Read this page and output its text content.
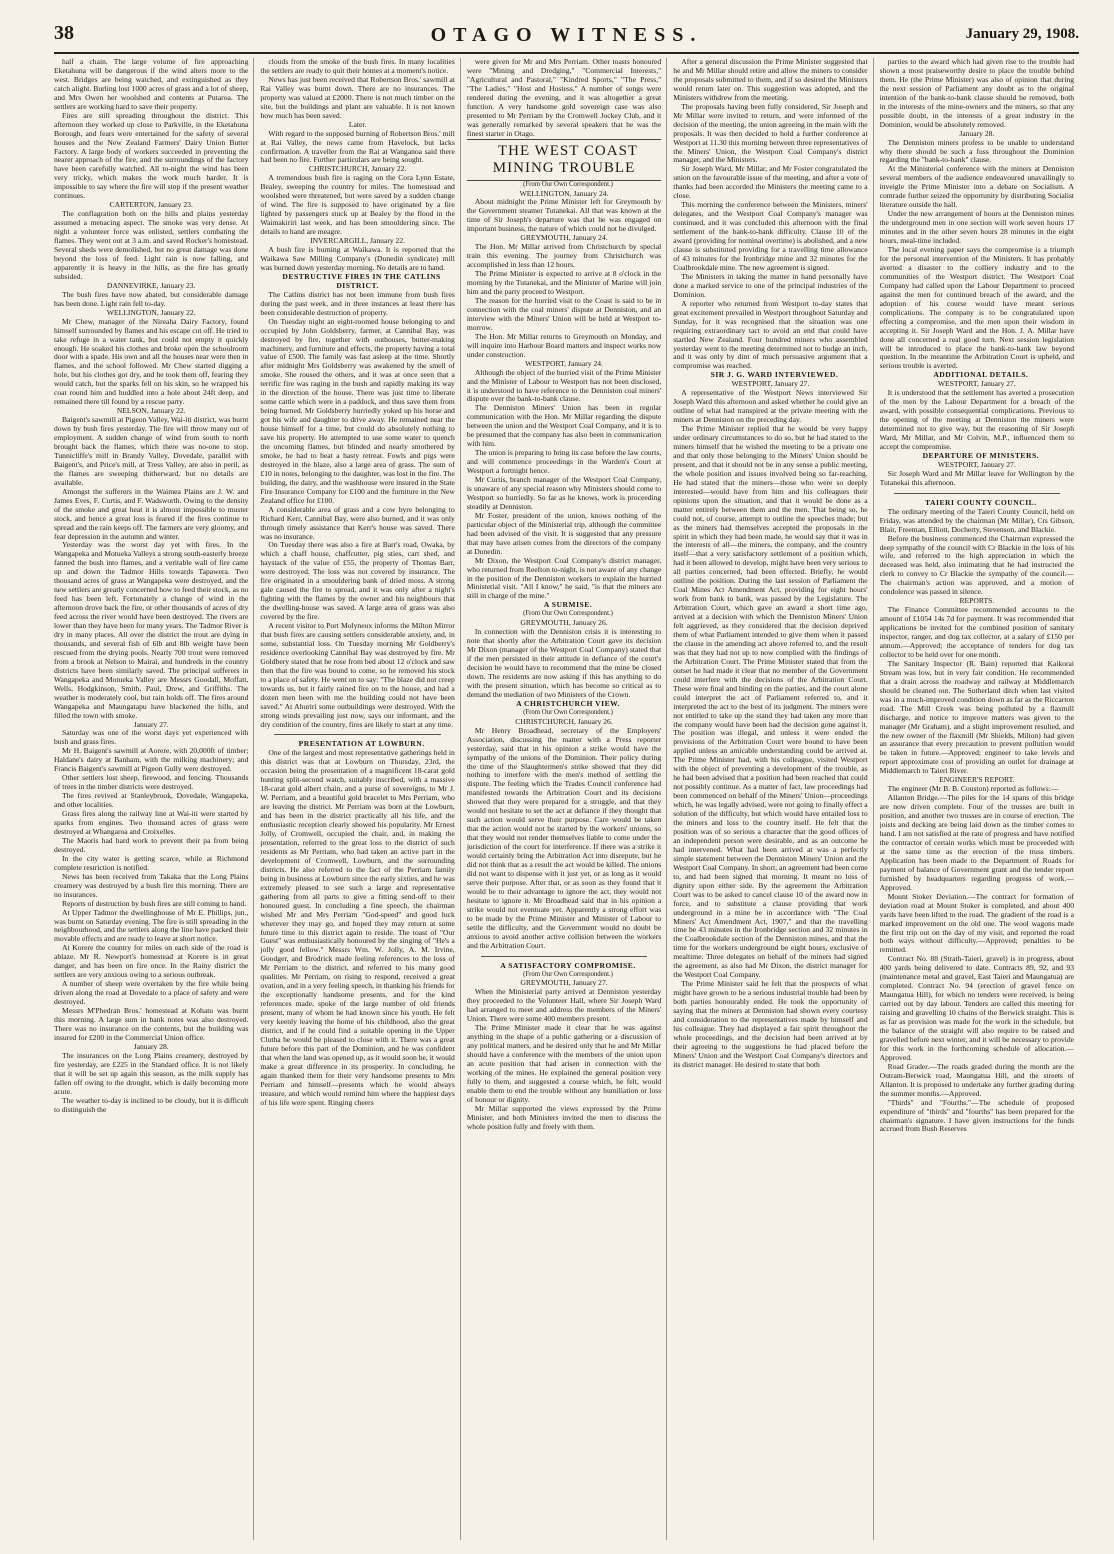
38	OTAGO WITNESS.	January 29, 1908.

half a chain. The large volume of fire approaching Eketahuna will be dangerous if the wind alters more to the west. Bridges are being watched, and extinguished as they catch alight. Burling lost 1000 acres of grass and a lot of sheep, and Mrs Owen her woolshed and contents at Putaroa. The settlers are working hard to save their property.

Fires are still spreading throughout the district. This afternoon they worked up close to Parkville, in the Eketahuna Borough, and fears were entertained for the safety of several houses and the New Zealand Farmers' Dairy Union Butter Factory. A large body of workers succeeded in preventing the nearer approach of the fire, and the surroundings of the factory have been carefully watched. All to-night the wind has been very tricky, which makes the work much harder. It is impossible to say where the fire will stop if the present weather continues.

CARTERTON, January 23.

The conflagration both on the hills and plains yesterday assumed a menacing aspect. The smoke was very dense. At night a volunteer force was enlisted, settlers combating the flames. They went out at 3 a.m. and saved Rocker's homestead. Several sheds were demolished, but no great damage was done beyond the loss of feed. Light rain is now falling, and apparently it is heavy in the hills, as the fire has greatly subsided.

DANNEVIRKE, January 23.

The bush fires have now abated, but considerable damage has been done. Light rain fell to-day.

WELLINGTON, January 22.

Mr Chew, manager of the Nireaha Dairy Factory, found himself surrounded by flames and his escape cut off. He tried to take refuge in a water tank, but could not empty it quickly enough. He soaked his clothes and broke open the schoolroom door with a spade. His own and all the houses near were then in flames, and the school followed. Mr Chew started digging a hole, but his clothes got dry, and he took them off, fearing they would catch, but the sparks fell on his skin, so he wrapped his coat round him and huddled into a hole about 24ft deep, and remained there till found by a rescue party.

NELSON, January 22.

Baigent's sawmill at Pigeon Valley, Wai-iti district, was burnt down by bush fires yesterday. The fire will throw many out of employment. A sudden change of wind from south to north brought back the flames, which there was no-one to stop. Tunnicliffe's mill in Brandy Valley, Dovedale, parallel with Baigent's, and Price's mill, at Tress Valley, are also in peril, as the flames are sweeping thitherward, but no details are available.

Amongst the sufferers in the Waimea Plains are J. W. and James Eves, F. Curtis, and F. Wadsworth. Owing to the density of the smoke and great heat it is almost impossible to muster stock, and hence a great loss is feared if the fires continue to spread and the rain keeps off. The farmers are very gloomy, and fear depression in the autumn and winter.

Yesterday was the worst day yet with fires. In the Wangapeka and Motueka Valleys a strong south-easterly breeze fanned the bush into flames, and a veritable wall of fire came up and down the Tadmor Hills towards Tapawera. Two thousand acres of grass at Wangapeka were destroyed, and the new settlers are greatly concerned how to feed their stock, as no feed has been left. Fortunately a change of wind in the afternoon drove back the fire, or other thousands of acres of dry feed across the river would have been destroyed. The rivers are lower than they have been for many years. The Tadmor River is dry in many places. All over the district the trout are dying in thousands, and several fish of 6lb and 8lb weight have been rescued from the drying pools. Nearly 700 trout were removed from a brook at Nelson to Mairai, and hundreds in the country districts have been similarly saved. The principal sufferers in Wangapeka and Motueka Valley are Messrs Goodall, Moffatt, Wells, Hodgkinson, Smith, Paul, Drew, and Griffiths. The weather is moderately cool, but rain holds off. The fires around Wangapeka and Maungatapu have blackened the hills, and filled the town with smoke.

January 27.

Saturday was one of the worst days yet experienced with bush and grass fires.

Mr H. Baigent's sawmill at Aorere, with 20,000ft of timber; Haldane's dairy at Banham, with the milking machinery; and Francis Baigent's sawmill at Pigeon Gully were destroyed.

Other settlers lost sheep, firewood, and fencing. Thousands of trees in the timber districts were destroyed.

The fires revived at Stanleybrook, Dovedale, Wangapeka, and other localities.

Grass fires along the railway line at Wai-iti were started by sparks from engines. Two thousand acres of grass were destroyed at Whangaroa and Croixelles.

The Maoris had hard work to prevent their pa from being destroyed.

In the city water is getting scarce, while at Richmond complete restriction is notified.

News has been received from Takaka that the Long Plains creamery was destroyed by a bush fire this morning. There are no insurances.

Reports of destruction by bush fires are still coming to hand.

At Upper Tadmor the dwellinghouse of Mr E. Phillips, jun., was burnt on Saturday evening. The fire is still spreading in the neighbourhood, and the settlers along the line have packed their movable effects and are ready to leave at short notice.

At Korere the country for miles on each side of the road is ablaze. Mr R. Newport's homestead at Korere is in great danger, and has been on fire once. In the Rainy district the settlers are very anxious owing to a serious outbreak.

A number of sheep were overtaken by the fire while being driven along the road at Dovedale to a place of safety and were destroyed.

Messrs M'Phedran Bros.' homestead at Kohatu was burnt this morning. A large sum in bank notes was also destroyed. There was no insurance on the contents, but the building was insured for £200 in the Commercial Union office.

January 28.

The insurances on the Long Plains creamery, destroyed by fire yesterday, are £225 in the Standard office. It is not likely that it will be set up again this season, as the milk supply has fallen off owing to the drought, which is daily becoming more acute.

The weather to-day is inclined to be cloudy, but it is difficult to distinguish the

clouds from the smoke of the bush fires. In many localities the settlers are ready to quit their homes at a moment's notice.

News has just been received that Robertson Bros.' sawmill at Rai Valley was burnt down. There are no insurances. The property was valued at £2000. There is not much timber on the site, but the buildings and plant are valuable. It is not known how much has been saved.

Later.

With regard to the supposed burning of Robertson Bros.' mill at Rai Valley, the news came from Havelock, but lacks confirmation. A traveller from the Rai at Wanganoa said there had been no fire. Further particulars are being sought.

CHRISTCHURCH, January 22.

A tremendous bush fire is raging on the Cora Lynn Estate, Bealey, sweeping the country for miles. The homestead and woolshed were threatened, but were saved by a sudden change of wind. The fire is supposed to have originated by a fire lighted by passengers stuck up at Bealey by the flood in the Waimakiriri last week, and has been smouldering since. The details to hand are meagre.

INVERCARGILL, January 22.

A bush fire is burning at Waikawa. It is reported that the Waikawa Saw Milling Company's (Dunedin syndicate) mill was burned down yesterday morning. No details are to hand.

DESTRUCTIVE FIRES IN THE CATLINS DISTRICT.

The Catlins district has not been immune from bush fires during the past week, and in three instances at least there has been considerable destruction of property.

On Tuesday night an eight-roomed house belonging to and occupied by John Goldsberry, farmer, at Cannibal Bay, was destroyed by fire, together with outhouses, butter-making machinery, and furniture and effects, the property having a total value of £500. The family was fast asleep at the time. Shortly after midnight Mrs Goldsberry was awakened by the smell of smoke. She roused the others, and it was at once seen that a terrific fire was raging in the bush and rapidly making its way in the direction of the house. There was just time to liberate some cattle which were in a paddock, and thus save them from being burned. Mr Goldsberry hurriedly yoked up his horse and got his wife and daughter to drive away. He remained near the house himself for a time, but could do absolutely nothing to save his property. He attempted to use some water to quench the oncoming flames, but blinded and nearly smothered by smoke, he had to beat a hasty retreat. Fowls and pigs were destroyed in the blaze, also a large area of grass. The sum of £10 in notes, belonging to the daughter, was lost in the fire. The building, the dairy, and the washhouse were insured in the State Fire Insurance Company for £100 and the furniture in the New Zealand office for £100.

A considerable area of grass and a cow byre belonging to Richard Kerr, Cannibal Bay, were also burned, and it was only through timely assistance that Kerr's house was saved. There was no insurance.

On Tuesday there was also a fire at Barr's road, Owaka, by which a chaff house, chaffcutter, pig sties, cart shed, and haystack of the value of £55, the property of Thomas Barr, were destroyed. The loss was not covered by insurance. The fire originated in a smouldering bank of dried moss. A strong gale caused the fire to spread, and it was only after a night's fighting with the flames by the owner and his neighbours that the dwelling-house was saved. A large area of grass was also covered by the fire.

A recent visitor to Port Molyneux informs the Milton Mirror that bush fires are causing settlers considerable anxiety, and, in some, substantial loss. On Tuesday morning Mr Goldberry's residence overlooking Cannibal Bay was destroyed by fire. Mr Goldbery stated that he rose from bed about 12 o'clock and saw then that the fire was bound to come, so he removed his stock to a place of safety. He went on to say: "The blaze did not creep towards us, but it fairly rained fire on to the house, and had a dozen men been with me the building could not have been saved." At Ahuriri some outbuildings were destroyed. With the strong winds prevailing just now, says our informant, and the dry condition of the country, fires are likely to start at any time.

PRESENTATION AT LOWBURN.

One of the largest and most representative gatherings held in this district was that at Lowburn on Thursday, 23rd, the occasion being the presentation of a magnificent 18-carat gold hunting split-second watch, suitably inscribed, with a massive 18-carat gold albert chain, and a purse of sovereigns, to Mr J. W. Perriam, and a beautiful gold bracelet to Mrs Perriam, who are leaving the district. Mr Perriam was born at the Lowburn, and has been in the district practically all his life, and the enthusiastic reception clearly showed his popularity. Mr Ernest Jolly, of Cromwell, occupied the chair, and, in making the presentation, referred to the great loss to the district of such residents as Mr Perriam, who had taken an active part in the development of Cromwell, Lowburn, and the surrounding districts. He also referred to the fact of the Perriam family being in business at Lowburn since the early sixties, and he was extremely pleased to see such a large and representative gathering from all parts to give a fitting send-off to their honoured guest. In concluding a fine speech, the chairman wished Mr and Mrs Perriam "God-speed" and good luck wherever they may go, and hoped they may return at some future time to this district again to reside. The toast of "Our Guest" was enthusiastically honoured by the singing of "He's a jolly good fellow." Messrs Wm. W. Jolly, A. M. Irvine, Goodger, and Brodrick made feeling references to the loss of Mr Perriam to the district, and referred to his many good qualities. Mr Perriam, on rising to respond, received a great ovation, and in a very feeling speech, in thanking his friends for the exceptionally handsome presents, and for the kind references made, spoke of the large number of old friends present, many of whom he had known since his youth. He felt very keenly leaving the home of his childhood, also the great district, and if he could find a suitable opening in the Upper Clutha he would be pleased to close with it. There was a great future before this part of the Dominion, and he was confident that when the land was opened up, as it would soon be, it would make a great difference in its prosperity. In concluding, he again thanked them for their very handsome presents to Mrs Perriam and himself—presents which he would always treasure, and which would remind him where the happiest days of his life were spent. Ringing cheers

were given for Mr and Mrs Perriam. Other toasts honoured were "Mining and Dredging," "Commercial Interests," "Agricultural and Pastoral," "Kindred Sports," "The Press," "The Ladies," "Host and Hostess." A number of songs were rendered during the evening, and it was altogether a great function. A very handsome gold sovereign case was also presented to Mr Perriam by the Cromwell Jockey Club, and it was generally remarked by several speakers that he was the finest starter in Otago.

THE WEST COAST MINING TROUBLE

(From Our Own Correspondent.)

WELLINGTON, January 24.

About midnight the Prime Minister left for Greymouth by the Government steamer Tutanekai. All that was known at the time of Sir Joseph's departure was that he was engaged on important business, the nature of which could not be divulged.

GREYMOUTH, January 24.

The Hon. Mr Millar arrived from Christchurch by special train this evening. The journey from Christchurch was accomplished in less than 12 hours.

The Prime Minister is expected to arrive at 8 o'clock in the morning by the Tutanekai, and the Minister of Marine will join him and the party proceed to Westport.

The reason for the hurried visit to the Coast is said to be in connection with the coal miners' dispute at Denniston, and an interview with the Miners' Union will be held at Westport to-morrow.

The Hon. Mr Millar returns to Greymouth on Monday, and will inquire into Harbour Board matters and inspect works now under construction.

WESTPORT, January 24.

Although the object of the hurried visit of the Prime Minister and the Minister of Labour to Westport has not been disclosed, it is understood to have reference to the Denniston coal miners' dispute over the bank-to-bank clause.

The Denniston Miners' Union has been in regular communication with the Hon. Mr Millar regarding the dispute between the union and the Westport Coal Company, and it is to be presumed that the company has also been in communication with him.

The union is preparing to bring its case before the law courts, and will commence proceedings in the Warden's Court at Westport a fortnight hence.

Mr Curtis, branch manager of the Westport Coal Company, is unaware of any special reason why Ministers should come to Westport so hurriedly. So far as he knows, work is proceeding steadily at Denniston.

Mr Foster, president of the union, knows nothing of the particular object of the Ministerial trip, although the committee had been advised of the visit. It is suggested that any pressure that may have arisen comes from the directors of the company at Dunedin.

Mr Dixon, the Westport Coal Company's district manager, who returned from Reefton to-night, is not aware of any change in the position of the Denniston workers to explain the hurried Ministerial visit. "All I know," he said, "is that the miners are still in charge of the mine."

A SURMISE.

(From Our Own Correspondent.)

GREYMOUTH, January 26.

In connection with the Denniston crisis it is interesting to note that shortly after the Arbitration Court gave its decision Mr Dixon (manager of the Westport Coal Company) stated that if the men persisted in their attitude in defiance of the court's decision he would have to recommend that the mine be closed down. The residents are now asking if this has anything to do with the present situation, which has become so critical as to demand the mediation of two Ministers of the Crown.

A CHRISTCHURCH VIEW.

(From Our Own Correspondent.)

CHRISTCHURCH, January 26.

Mr Henry Broadhead, secretary of the Employers' Association, discussing the matter with a Press reporter yesterday, said that in his opinion a strike would have the sympathy of the unions of the Dominion. Their policy during the time of the Slaughtermen's strike showed that they did nothing to interfere with the men's method of settling the dispute. The feeling which the Trades Council conference had manifested towards the Arbitration Court and its decisions showed that they were prepared for a struggle, and that they would not hesitate to set the act at defiance if they thought that such action would serve their purpose. Care would be taken that the action would not be started by the workers' unions, so that they would not render themselves liable to come under the jurisdiction of the court for interference. If there was a strike it would certainly bring the Arbitration Act into disrepute, but he did not think that as a result the act would be killed. The unions did not want to dispense with it just yet, or as long as it would serve their purpose. After that, or as soon as they found that it would be to their advantage to ignore the act, they would not hesitate to ignore it. Mr Broadhead said that in his opinion a strike would not eventuate yet. Apparently a strong effort was to be made by the Prime Minister and Minister of Labour to settle the difficulty, and the Government would no doubt be anxious to avoid another active collision between the workers and the Arbitration Court.

A SATISFACTORY COMPROMISE.

(From Our Own Correspondent.)

GREYMOUTH, January 27.

When the Ministerial party arrived at Denniston yesterday they proceeded to the Volunteer Hall, where Sir Joseph Ward had arranged to meet and address the members of the Miners' Union. There were some 400 members present.

The Prime Minister made it clear that he was against anything in the shape of a public gathering or a discussion of any political matters, and he desired only that he and Mr Millar should have a conference with the members of the union upon an acute position that had arisen in connection with the working of the mines. He explained the general position very fully to them, and suggested a course which, he felt, would enable them to end the trouble without any humiliation or loss of honour or dignity.

Mr Millar supported the views expressed by the Prime Minister, and both Ministers invited the men to discuss the whole position fully and freely with them.

After a general discussion the Prime Minister suggested that he and Mr Millar should retire and allow the miners to consider the proposals submitted to them, and if so desired the Ministers would return later on. This suggestion was adopted, and the Ministers withdrew from the meeting.

The proposals having been fully considered, Sir Joseph and Mr Millar were invited to return, and were informed of the decision of the meeting, the union agreeing in the main with the proposals. It was then decided to hold a further conference at Westport at 11.30 this morning between three representatives of the Miners' Union, the Westport Coal Company's district manager, and the Ministers.

Sir Joseph Ward, Mr Millar, and Mr Foster congratulated the union on the favourable issue of the meeting, and after a vote of thanks had been accorded the Ministers the meeting came to a close.

This morning the conference between the Ministers, miners' delegates, and the Westport Coal Company's manager was continued, and it was concluded this afternoon with the final settlement of the bank-to-bank difficulty. Clause 10 of the award (providing for nominal overtime) is abolished, and a new clause is substituted providing for a travelling time allowance of 43 minutes for the Ironbridge mine and 32 minutes for the Coalbrookdale mine. The new agreement is signed.

The Ministers in taking the matter in hand personally have done a marked service to one of the principal industries of the Dominion.

A reporter who returned from Westport to-day states that great excitement prevailed in Westport throughout Saturday and Sunday, for it was recognised that the situation was one requiring extraordinary tact to avoid an end that could have startled New Zealand. Four hundred miners who assembled yesterday went to the meeting determined not to budge an inch, and it was only by dint of much persuasive argument that a compromise was reached.

SIR J. G. WARD INTERVIEWED.

WESTPORT, January 27.

A representative of the Westport News interviewed Sir Joseph Ward this afternoon and asked whether he could give an outline of what had transpired at the private meeting with the miners at Denniston on the preceding day.

The Prime Minister replied that he would be very happy under ordinary circumstances to do so, but he had stated to the miners himself that he wished the meeting to be a private one and that only those belonging to the Miners' Union should be present, and that it should not be in any sense a public meeting, the whole position and issues involved being so far-reaching. He had stated that the miners—those who were so deeply interested—would have from him and his colleagues their opinions upon the situation, and that it would be done as a matter entirely between them and the men. That being so, he could not, of course, attempt to outline the speeches made; but as the miners had themselves accepted the proposals in the spirit in which they had been made, he would say that it was in the interests of all—the miners, the company, and the country itself—that a very satisfactory settlement of a position which, had it been allowed to develop, might have been very serious to all parties concerned, had been effected. Briefly, he would outline the position. During the last session of Parliament the Coal Mines Act Amendment Act, providing for eight hours' work from bank to bank, was passed by the Legislature. The Arbitration Court, which gave an award a short time ago, arrived at a decision with which the Denniston Miners' Union felt aggrieved, as they considered that the decision deprived them of what Parliament intended to give them when it passed the clause in the amending act above referred to, and the result was that they had not up to now complied with the findings of the Arbitration Court. The Prime Minister stated that from the outset he had made it clear that no member of the Government could interfere with the decisions of the Arbitration Court. These were final and binding on the parties, and the court alone could interpret the act of Parliament referred to, and it interpreted the act to the best of its judgment. The miners were not entitled to take up the stand they had taken any more than the company would have been had the decision gone against it. The position was illegal, and unless it were ended the provisions of the Arbitration Court were bound to have been applied unless an amicable understanding could be arrived at. The Prime Minister had, with his colleague, visited Westport with the object of preventing a development of the trouble, as he had been advised that a position had been reached that could not possibly continue. As a matter of fact, law proceedings had been commenced on behalf of the Miners' Union—proceedings which, he was legally advised, were not going to finally effect a solution of the difficulty, but which would have entailed loss to the miners and loss to the country itself. He felt that the position was of so serious a character that the good offices of an independent person were desirable, and as an outcome he had intervened. What had been arrived at was a perfectly simple statement between the Denniston Miners' Union and the Westport Coal Company. In short, an agreement had been come to, and had been signed that morning. It meant no loss of dignity upon either side. By the agreement the Arbitration Court was to be asked to cancel clause 10 of the award now in force, and to substitute a clause providing that work underground in a mine be in accordance with "The Coal Miners' Act Amendment Act, 1907," and that the travelling time be 43 minutes in the Ironbridge section and 32 minutes in the Coalbrookdale section of the Denniston mines, and that the time for the workers underground be eight hours, exclusive of mealtime. Three delegates on behalf of the miners had signed the agreement, as also had Mr Dixon, the district manager for the Westport Coal Company.

The Prime Minister said he felt that the prospects of what might have grown to be a serious industrial trouble had been by both parties honourably ended. He took the opportunity of saying that the miners at Denniston had shown every courtesy and consideration to the representatives made by himself and his colleague. They had displayed a fair spirit throughout the whole proceedings, and the decision had been arrived at by their agreeing to the suggestions he had placed before the Miners' Union and the Westport Coal Company's directors and its district manager. He desired to state that both

parties to the award which had given rise to the trouble had shown a most praiseworthy desire to place the trouble behind them. He (the Prime Minister) was also of opinion that during the next session of Parliament any doubt as to the original intention of the bank-to-bank clause should be removed, both in the interests of the mine-owners and the miners, so that any possible doubt, in the interests of a great industry in the Dominion, would be absolutely removed.

January 28.

The Denniston miners profess to be unable to understand why there should be such a fuss throughout the Dominion regarding the "bank-to-bank" clause.

At the Ministerial conference with the miners at Denniston several members of the audience endeavoured unavailingly to inveigle the Prime Minister into a debate on Socialism. A comrade further seized the opportunity by distributing Socialist literature outside the hall.

Under the new arrangement of hours at the Denniston mines the underground men in one section will work seven hours 17 minutes and in the other seven hours 28 minutes in the eight hours, meal-time included.

The local evening paper says the compromise is a triumph for the personal intervention of the Ministers. It has probably averted a disaster to the colliery industry and to the communities of the Westport district. The Westport Coal Company had called upon the Labour Department to proceed against the men for continued breach of the award, and the adoption of his course would have meant serious complications. The company is to be congratulated upon effecting a compromise, and the men upon their wisdom in accepting it. Sir Joseph Ward and the Hon. J. A. Millar have done all concerned a real good turn. Next session legislation will be introduced to place the bank-to-bank law beyond question. In the meantime the Arbitration Court is upheld, and serious trouble is averted.

ADDITIONAL DETAILS.

WESTPORT, January 27.

It is understood that the settlement has averted a prosecution of the men by the Labour Department for a breach of the award, with possible consequential complications. Previous to the opening of the meeting at Denniston the miners were determined not to give way, but the reasoning of Sir Joseph Ward, Mr Millar, and Mr Colvin, M.P., influenced them to accept the compromise.

DEPARTURE OF MINISTERS.

WESTPORT, January 27.

Sir Joseph Ward and Mr Millar leave for Wellington by the Tutanekai this afternoon.

TAIERI COUNTY COUNCIL.

The ordinary meeting of the Taieri County Council, held on Friday, was attended by the chairman (Mr Millar), Crs Gibson, Blair, Freeman, Elliott, Docherty, Stevenson, and Blackie.

Before the business commenced the Chairman expressed the deep sympathy of the council with Cr Blackie in the loss of his wife, and referred to the high appreciation in which the deceased was held, also intimating that he had instructed the clerk to convey to Cr Blackie the sympathy of the council.—The chairman's action was approved, and a motion of condolence was passed in silence.

REPORTS.

The Finance Committee recommended accounts to the amount of £1054 14s 7d for payment. It was recommended that applications be invited for the combined position of sanitary inspector, ranger, and dog tax collector, at a salary of £150 per annum.—Approved; the acceptance of tenders for dog tax collector to be held over for one month.

The Sanitary Inspector (R. Bain) reported that Kaikorai Stream was low, but in very fair condition. He recommended that a drain across the roadway and railway at Middlemarch should be cleaned out. The Sutherland ditch when last visited was in a much-improved condition down as far as the Riccarton road. The Mill Creek was being polluted by a flaxmill discharge, and notice to improve matters was given to the manager (Mr Graham), and a slight improvement resulted, and the new owner of the flaxmill (Mr Shields, Milton) had given an assurance that every precaution to prevent pollution would be taken in future.—Approved; engineer to take levels and report approximate cost of providing an outlet for drainage at Middlemarch to Taieri River.

ENGINEER'S REPORT.

The engineer (Mr B. B. Couston) reported as follows:—

Allanton Bridge.—The piles for the 14 spans of this bridge are now driven complete. Four of the trusses are built in position, and another two trusses are in course of erection. The joists and decking are being laid down as the timber comes to hand. I am not satisfied at the rate of progress and have notified the contractor of certain works which must be proceeded with at the same time as the erection of the truss timbers. Application has been made to the Department of Roads for payment of balance of Government grant and the tender report furnished by headquarters regarding progress of work.—Approved.

Mount Stoker Deviation.—The contract for formation of deviation road at Mount Stoker is completed, and about 400 yards have been lifted to the road. The gradient of the road is a marked improvement on the old one. The wool wagons made the first trip out on the day of my visit, and reported the road both ways without difficulty.—Approved; penalties to be remitted.

Contract No. 88 (Strath-Taieri, gravel) is in progress, about 400 yards being delivered to date. Contracts 89, 92, and 93 (maintenance metal and gravel, East Taieri and Maungatua) are completed. Contract No. 94 (erection of gravel fence on Maungatua Hill), for which no tenders were received, is being carried out by day labour. Tenders are called this meeting for raising and gravelling 10 chains of the Berwick straight. This is as far as provision was made for the work in the schedule, but the balance of the straight will also require to be raised and gravelled before next winter, and it will be necessary to provide for this work in the forthcoming schedule of allocation.—Approved.

Road Grader.—The roads graded during the month are the Outram-Berwick road, Maungatua Hill, and the streets of Allanton. It is proposed to undertake any further grading during the summer months.—Approved.

"Thirds" and "Fourths."—The schedule of proposed expenditure of "thirds" and "fourths" has been prepared for the chairman's signature. I have given instructions for the funds accrued from Bush Reserves
